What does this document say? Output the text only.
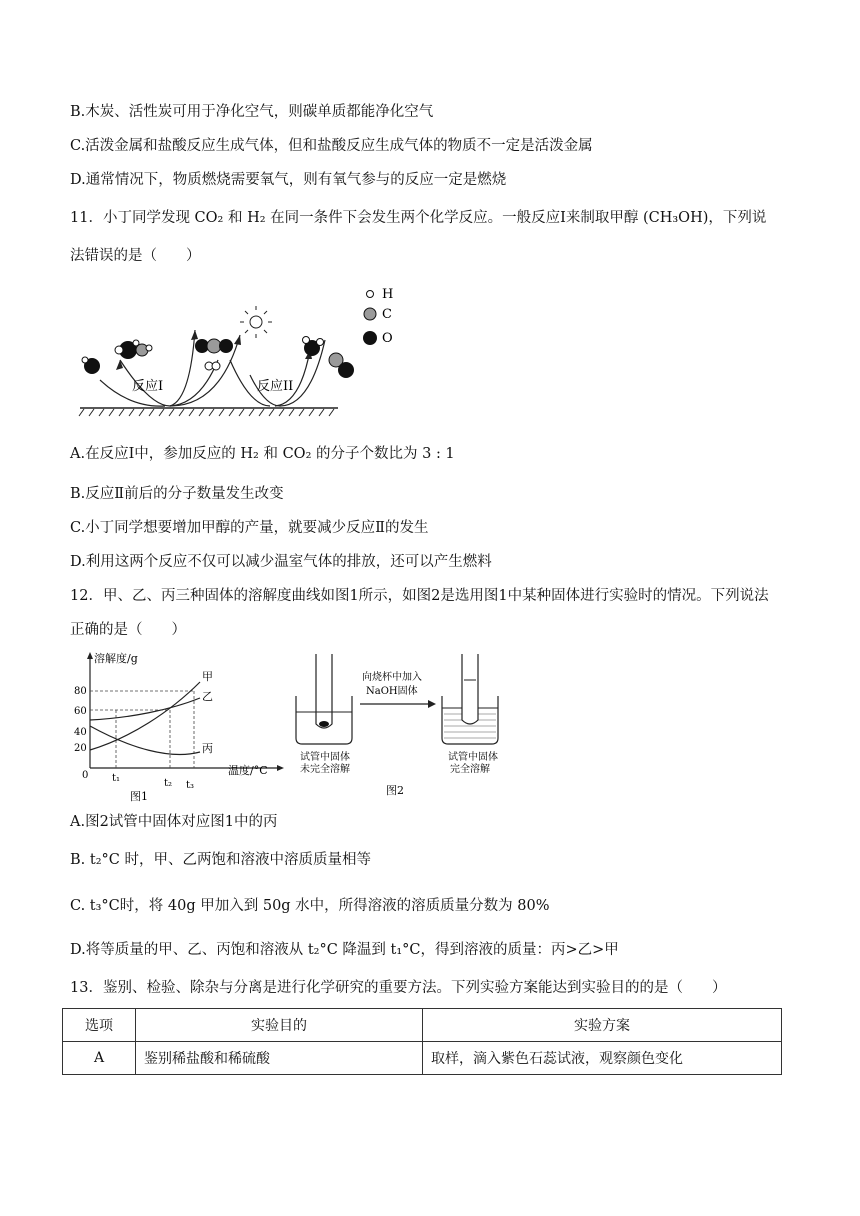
B.木炭、活性炭可用于净化空气，则碳单质都能净化空气
C.活泼金属和盐酸反应生成气体，但和盐酸反应生成气体的物质不一定是活泼金属
D.通常情况下，物质燃烧需要氧气，则有氧气参与的反应一定是燃烧
11．小丁同学发现 CO₂ 和 H₂ 在同一条件下会发生两个化学反应。一般反应I来制取甲醇 (CH₃OH)，下列说
法错误的是（　　）
反应I	反应II
H
C
O
A.在反应I中，参加反应的 H₂ 和 CO₂ 的分子个数比为 3 : 1
B.反应Ⅱ前后的分子数量发生改变
C.小丁同学想要增加甲醇的产量，就要减少反应Ⅱ的发生
D.利用这两个反应不仅可以减少温室气体的排放，还可以产生燃料
12．甲、乙、丙三种固体的溶解度曲线如图1所示，如图2是选用图1中某种固体进行实验时的情况。下列说法
正确的是（　　）
溶解度/g
温度/°C
0
20
40
60
80
t₁	t₂ t₃
甲
乙
丙
图1
试管中固体
未完全溶解
向烧杯中加入
NaOH固体
试管中固体
完全溶解
图2
A.图2试管中固体对应图1中的丙
B. t₂°C 时，甲、乙两饱和溶液中溶质质量相等
C. t₃°C时，将 40g 甲加入到 50g 水中，所得溶液的溶质质量分数为 80%
D.将等质量的甲、乙、丙饱和溶液从 t₂°C 降温到 t₁°C，得到溶液的质量：丙>乙>甲
13．鉴别、检验、除杂与分离是进行化学研究的重要方法。下列实验方案能达到实验目的的是（　　）
选项	实验目的	实验方案
A	鉴别稀盐酸和稀硫酸	取样，滴入紫色石蕊试液，观察颜色变化
